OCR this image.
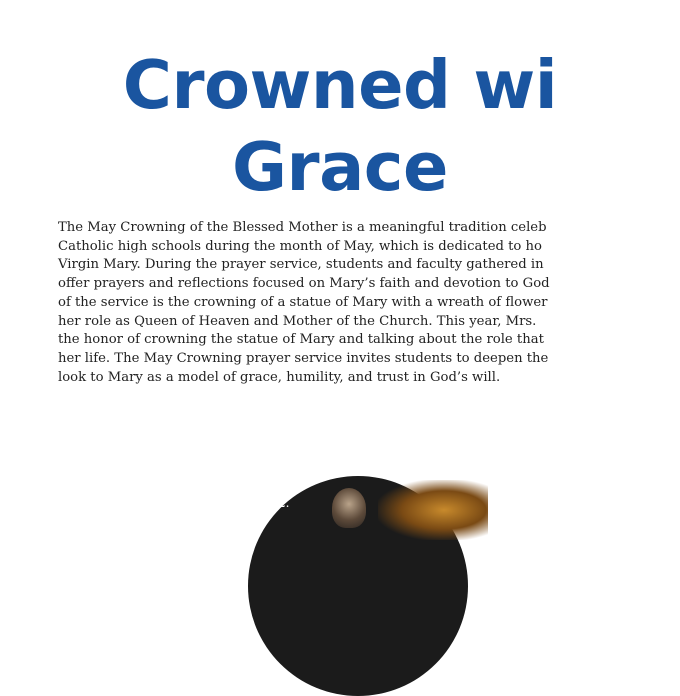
Crowned wi
Grace

The May Crowning of the Blessed Mother is a meaningful tradition celeb
Catholic high schools during the month of May, which is dedicated to ho
Virgin Mary. During the prayer service, students and faculty gathered in
offer prayers and reflections focused on Mary’s faith and devotion to God
of the service is the crowning of a statue of Mary with a wreath of flower
her role as Queen of Heaven and Mother of the Church. This year, Mrs.
the honor of crowning the statue of Mary and talking about the role that
her life. The May Crowning prayer service invites students to deepen the
look to Mary as a model of grace, humility, and trust in God’s will.

2.
